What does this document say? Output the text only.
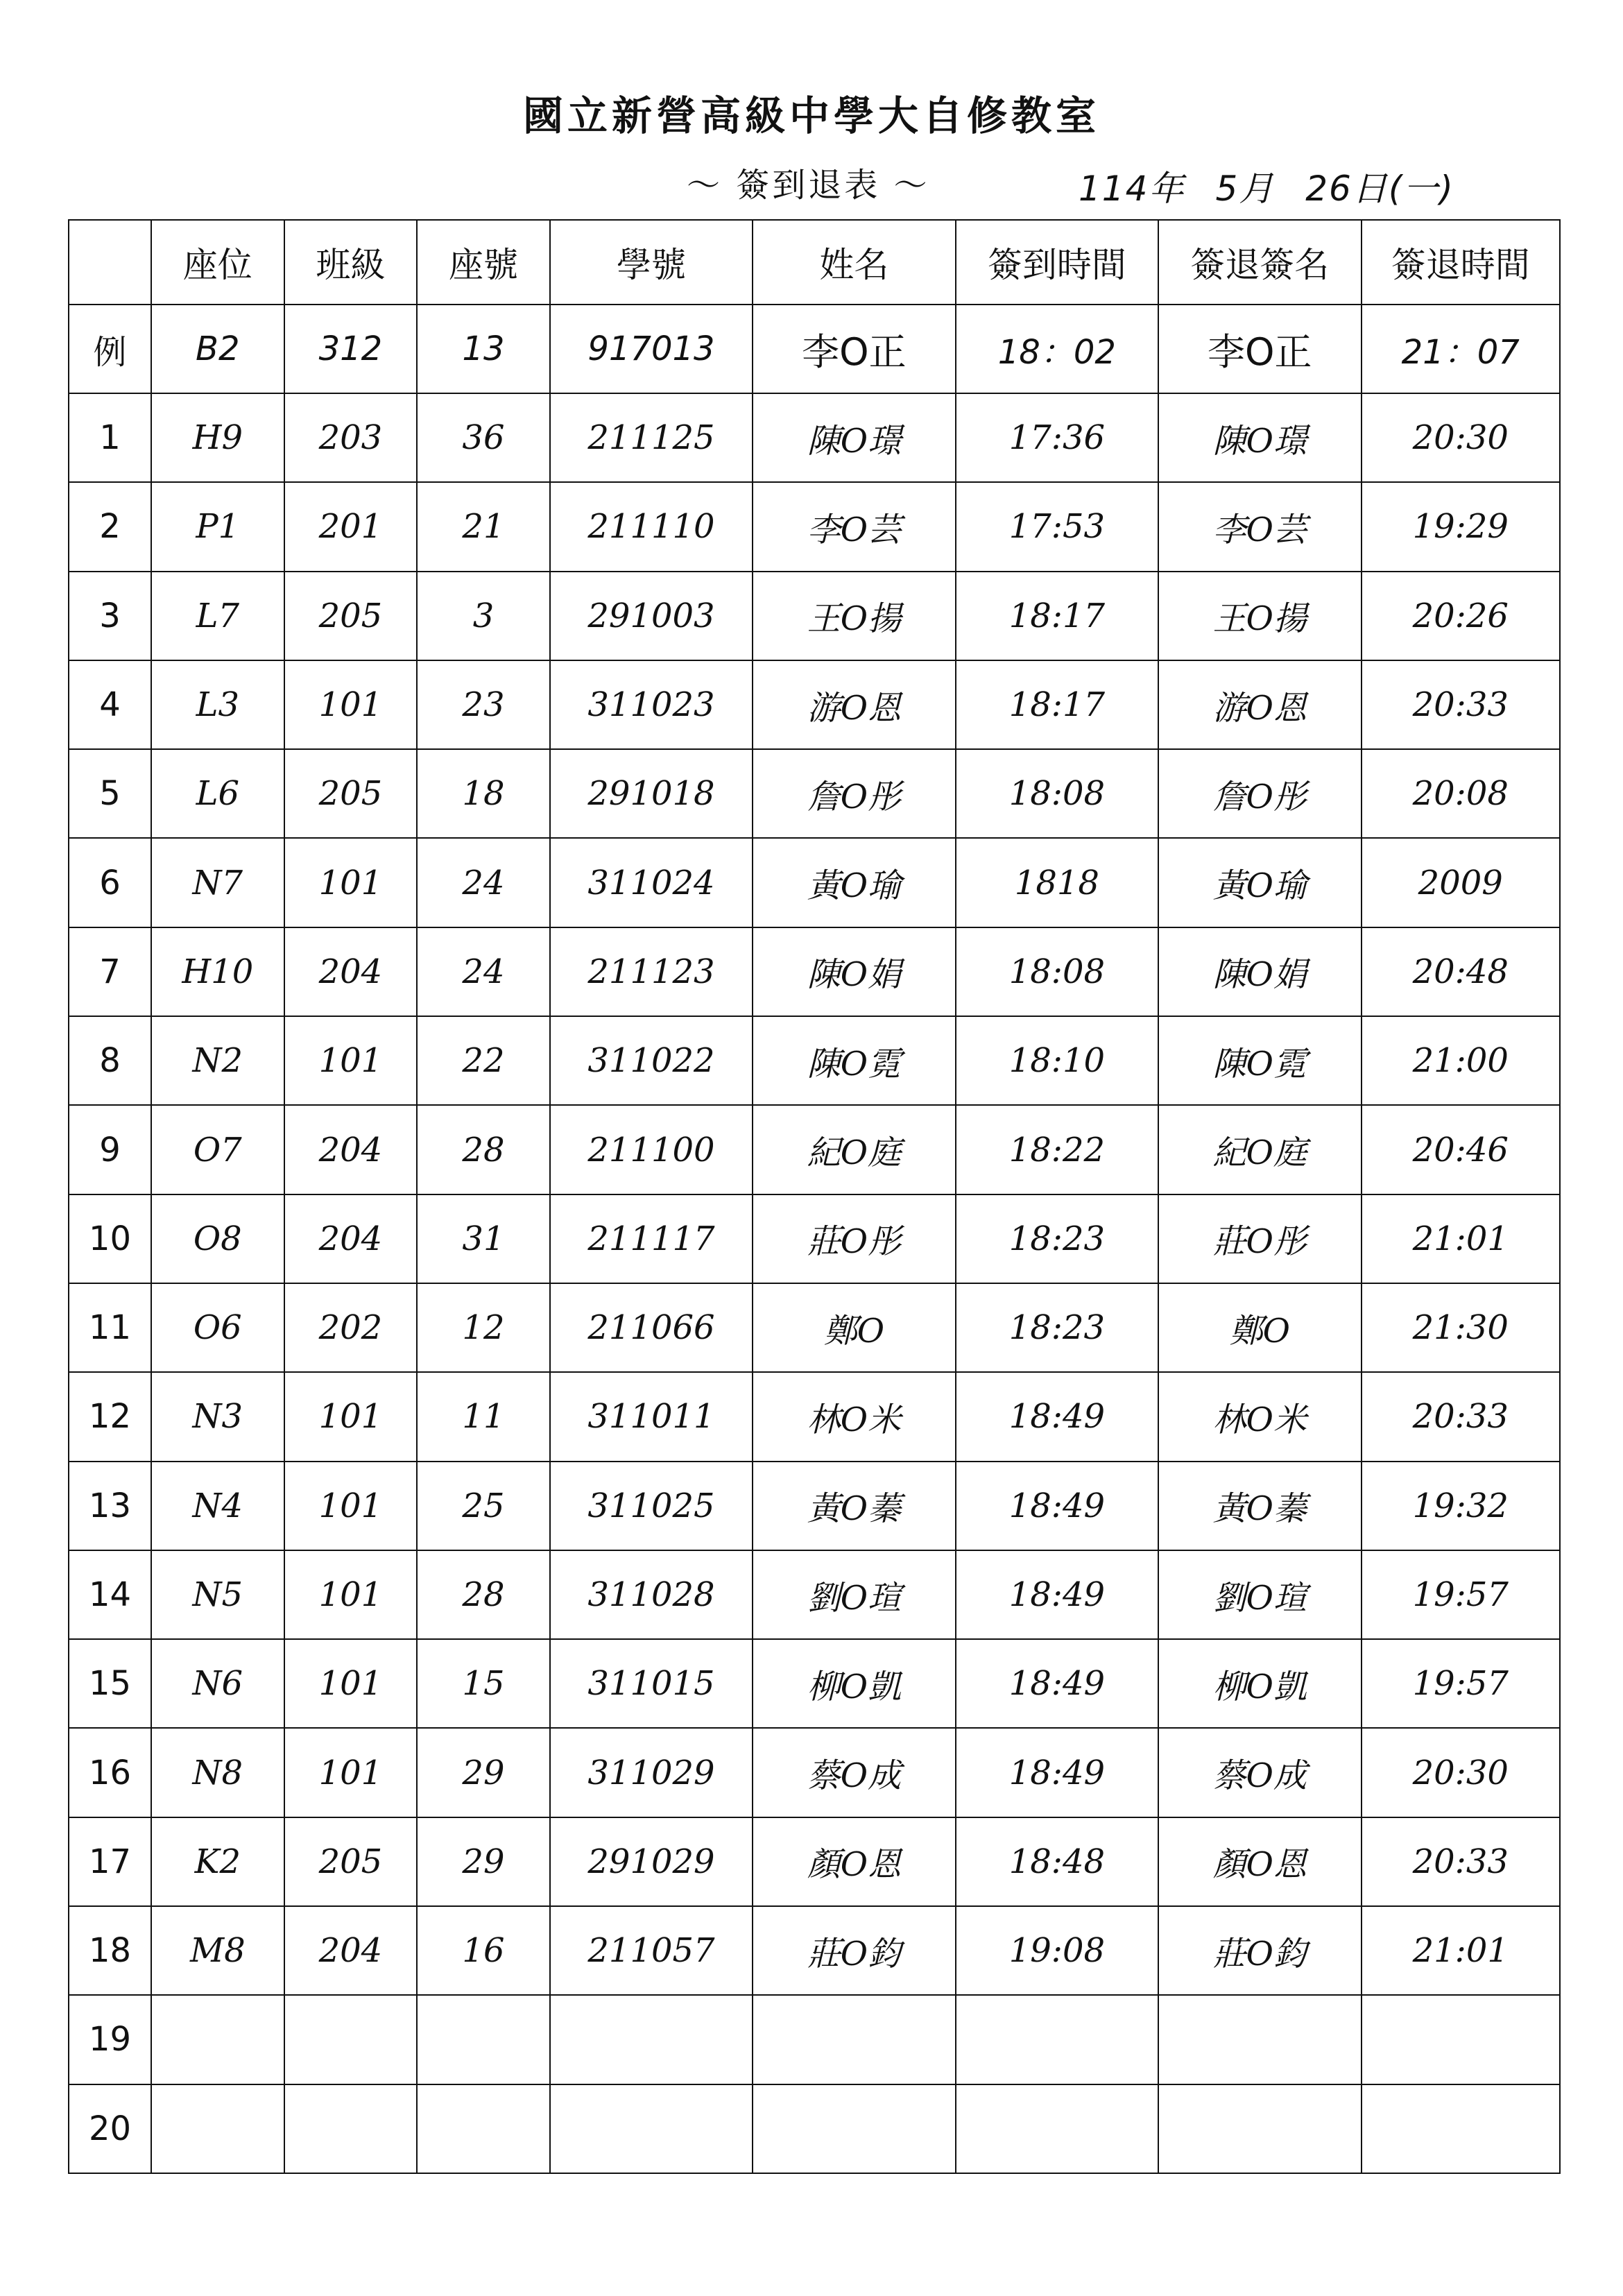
國立新營高級中學大自修教室
～ 簽到退表 ～	114年 5月 26日(一)
	座位	班級	座號	學號	姓名	簽到時間	簽退簽名	簽退時間
例	B2	312	13	917013	李O正	18：02	李O正	21：07
1	H9	203	36	211125	陳O璟	17:36	陳O璟	20:30
2	P1	201	21	211110	李O芸	17:53	李O芸	19:29
3	L7	205	3	291003	王O揚	18:17	王O揚	20:26
4	L3	101	23	311023	游O恩	18:17	游O恩	20:33
5	L6	205	18	291018	詹O彤	18:08	詹O彤	20:08
6	N7	101	24	311024	黃O瑜	1818	黃O瑜	2009
7	H10	204	24	211123	陳O娟	18:08	陳O娟	20:48
8	N2	101	22	311022	陳O霓	18:10	陳O霓	21:00
9	O7	204	28	211100	紀O庭	18:22	紀O庭	20:46
10	O8	204	31	211117	莊O彤	18:23	莊O彤	21:01
11	O6	202	12	211066	鄭O	18:23	鄭O	21:30
12	N3	101	11	311011	林O米	18:49	林O米	20:33
13	N4	101	25	311025	黃O蓁	18:49	黃O蓁	19:32
14	N5	101	28	311028	劉O瑄	18:49	劉O瑄	19:57
15	N6	101	15	311015	柳O凱	18:49	柳O凱	19:57
16	N8	101	29	311029	蔡O成	18:49	蔡O成	20:30
17	K2	205	29	291029	顏O恩	18:48	顏O恩	20:33
18	M8	204	16	211057	莊O鈞	19:08	莊O鈞	21:01
19								
20								
